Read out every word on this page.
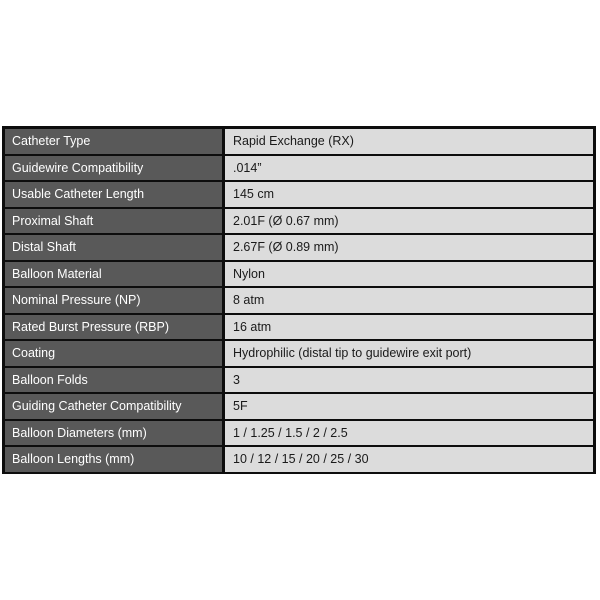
Catheter Type	Rapid Exchange (RX)
Guidewire Compatibility	.014”
Usable Catheter Length	145 cm
Proximal Shaft	2.01F (Ø 0.67 mm)
Distal Shaft	2.67F (Ø 0.89 mm)
Balloon Material	Nylon
Nominal Pressure (NP)	8 atm
Rated Burst Pressure (RBP)	16 atm
Coating	Hydrophilic (distal tip to guidewire exit port)
Balloon Folds	3
Guiding Catheter Compatibility	5F
Balloon Diameters (mm)	1 / 1.25 / 1.5 / 2 / 2.5
Balloon Lengths (mm)	10 / 12 / 15 / 20 / 25 / 30
